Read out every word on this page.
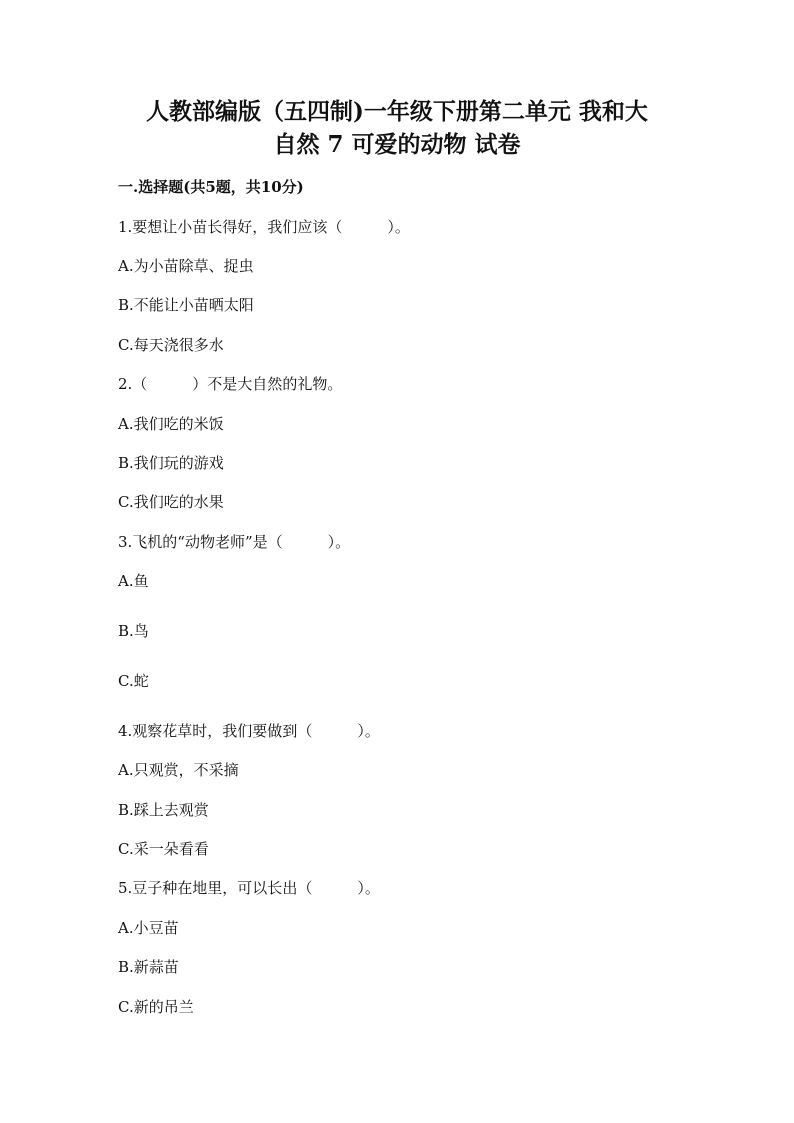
人教部编版（五四制)一年级下册第二单元 我和大
自然 7 可爱的动物 试卷
一.选择题(共5题，共10分)
1.要想让小苗长得好，我们应该（　　　）。
A.为小苗除草、捉虫
B.不能让小苗晒太阳
C.每天浇很多水
2.（　　　）不是大自然的礼物。
A.我们吃的米饭
B.我们玩的游戏
C.我们吃的水果
3.飞机的“动物老师”是（　　　）。
A.鱼
B.鸟
C.蛇
4.观察花草时，我们要做到（　　　）。
A.只观赏，不采摘
B.踩上去观赏
C.采一朵看看
5.豆子种在地里，可以长出（　　　）。
A.小豆苗
B.新蒜苗
C.新的吊兰
